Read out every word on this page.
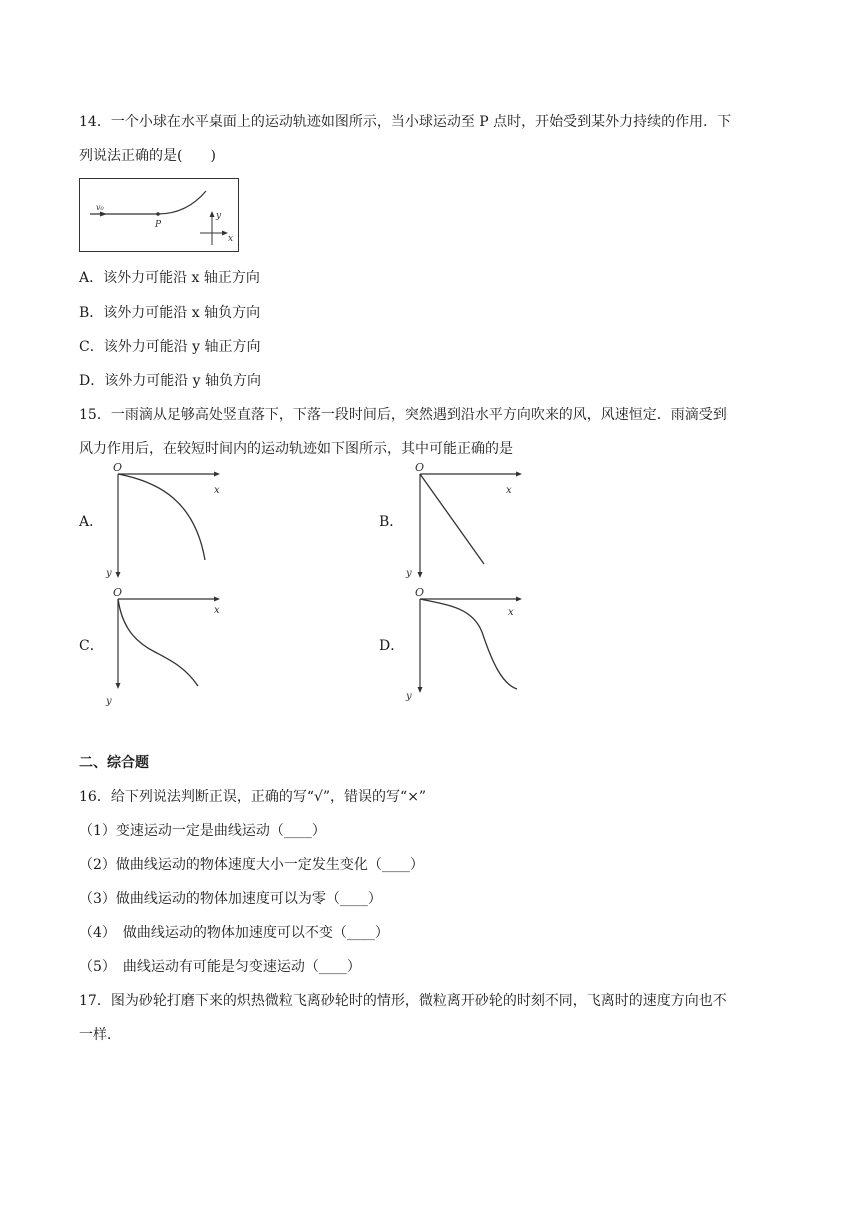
14．一个小球在水平桌面上的运动轨迹如图所示，当小球运动至 P 点时，开始受到某外力持续的作用．下
列说法正确的是(　　)
v₀
P
y
x
A．该外力可能沿 x 轴正方向
B．该外力可能沿 x 轴负方向
C．该外力可能沿 y 轴正方向
D．该外力可能沿 y 轴负方向
15．一雨滴从足够高处竖直落下，下落一段时间后，突然遇到沿水平方向吹来的风，风速恒定．雨滴受到
风力作用后，在较短时间内的运动轨迹如下图所示，其中可能正确的是
A．
O
x
y
B．
O
x
y
C．
O
x
y
D．
O
x
y
二、综合题
16．给下列说法判断正误，正确的写“√”，错误的写“×”
（1）变速运动一定是曲线运动（____）
（2）做曲线运动的物体速度大小一定发生变化（____）
（3）做曲线运动的物体加速度可以为零（____）
（4）　做曲线运动的物体加速度可以不变（____）
（5）　曲线运动有可能是匀变速运动（____）
17．图为砂轮打磨下来的炽热微粒飞离砂轮时的情形，微粒离开砂轮的时刻不同，飞离时的速度方向也不
一样．
